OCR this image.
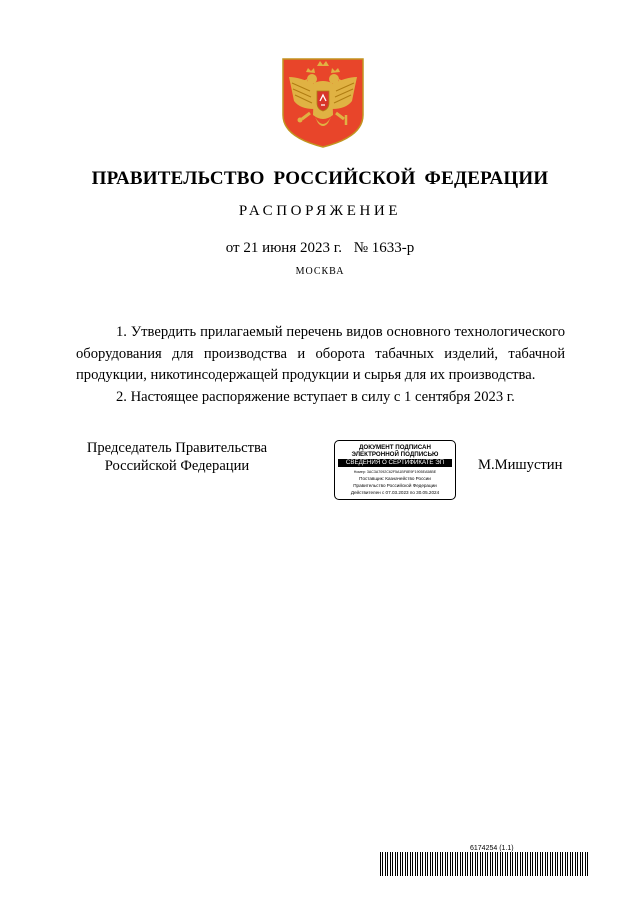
ПРАВИТЕЛЬСТВО РОССИЙСКОЙ ФЕДЕРАЦИИ
РАСПОРЯЖЕНИЕ
от 21 июня 2023 г. № 1633-р
МОСКВА

1. Утвердить прилагаемый перечень видов основного технологического оборудования для производства и оборота табачных изделий, табачной продукции, никотинсодержащей продукции и сырья для их производства.

2. Настоящее распоряжение вступает в силу с 1 сентября 2023 г.

Председатель Правительства
Российской Федерации
ДОКУМЕНТ ПОДПИСАН
ЭЛЕКТРОННОЙ ПОДПИСЬЮ
СВЕДЕНИЯ О СЕРТИФИКАТЕ ЭП
Номер: 3AC3A7092C62F5A1BF8E9F1905EA58BE
Поставщик: Казначейство России
Правительство Российской Федерации
Действителен с 07.03.2023 по 30.05.2024
М.Мишустин
6174254 (1.1)
